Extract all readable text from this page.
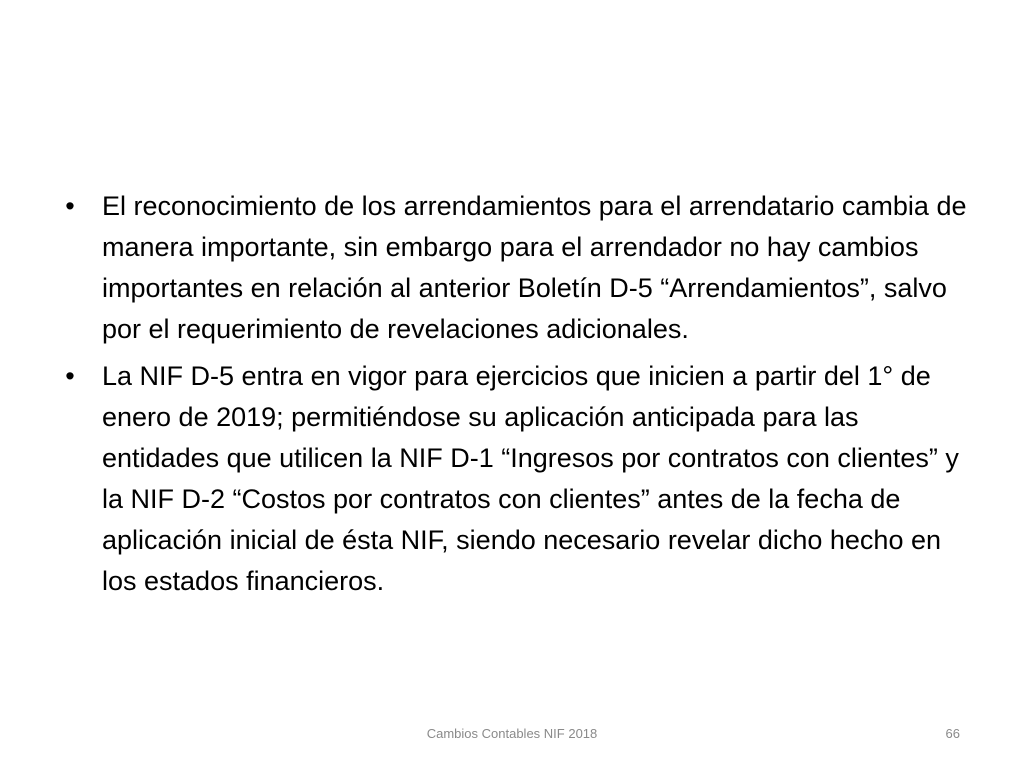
• El reconocimiento de los arrendamientos para el arrendatario cambia de manera importante, sin embargo para el arrendador no hay cambios importantes en relación al anterior Boletín D-5 “Arrendamientos”, salvo por el requerimiento de revelaciones adicionales.
• La NIF D-5 entra en vigor para ejercicios que inicien a partir del 1° de enero de 2019; permitiéndose su aplicación anticipada para las entidades que utilicen la NIF D-1 “Ingresos por contratos con clientes” y la NIF D-2 “Costos por contratos con clientes” antes de la fecha de aplicación inicial de ésta NIF, siendo necesario revelar dicho hecho en los estados financieros.
Cambios Contables NIF 2018	66
